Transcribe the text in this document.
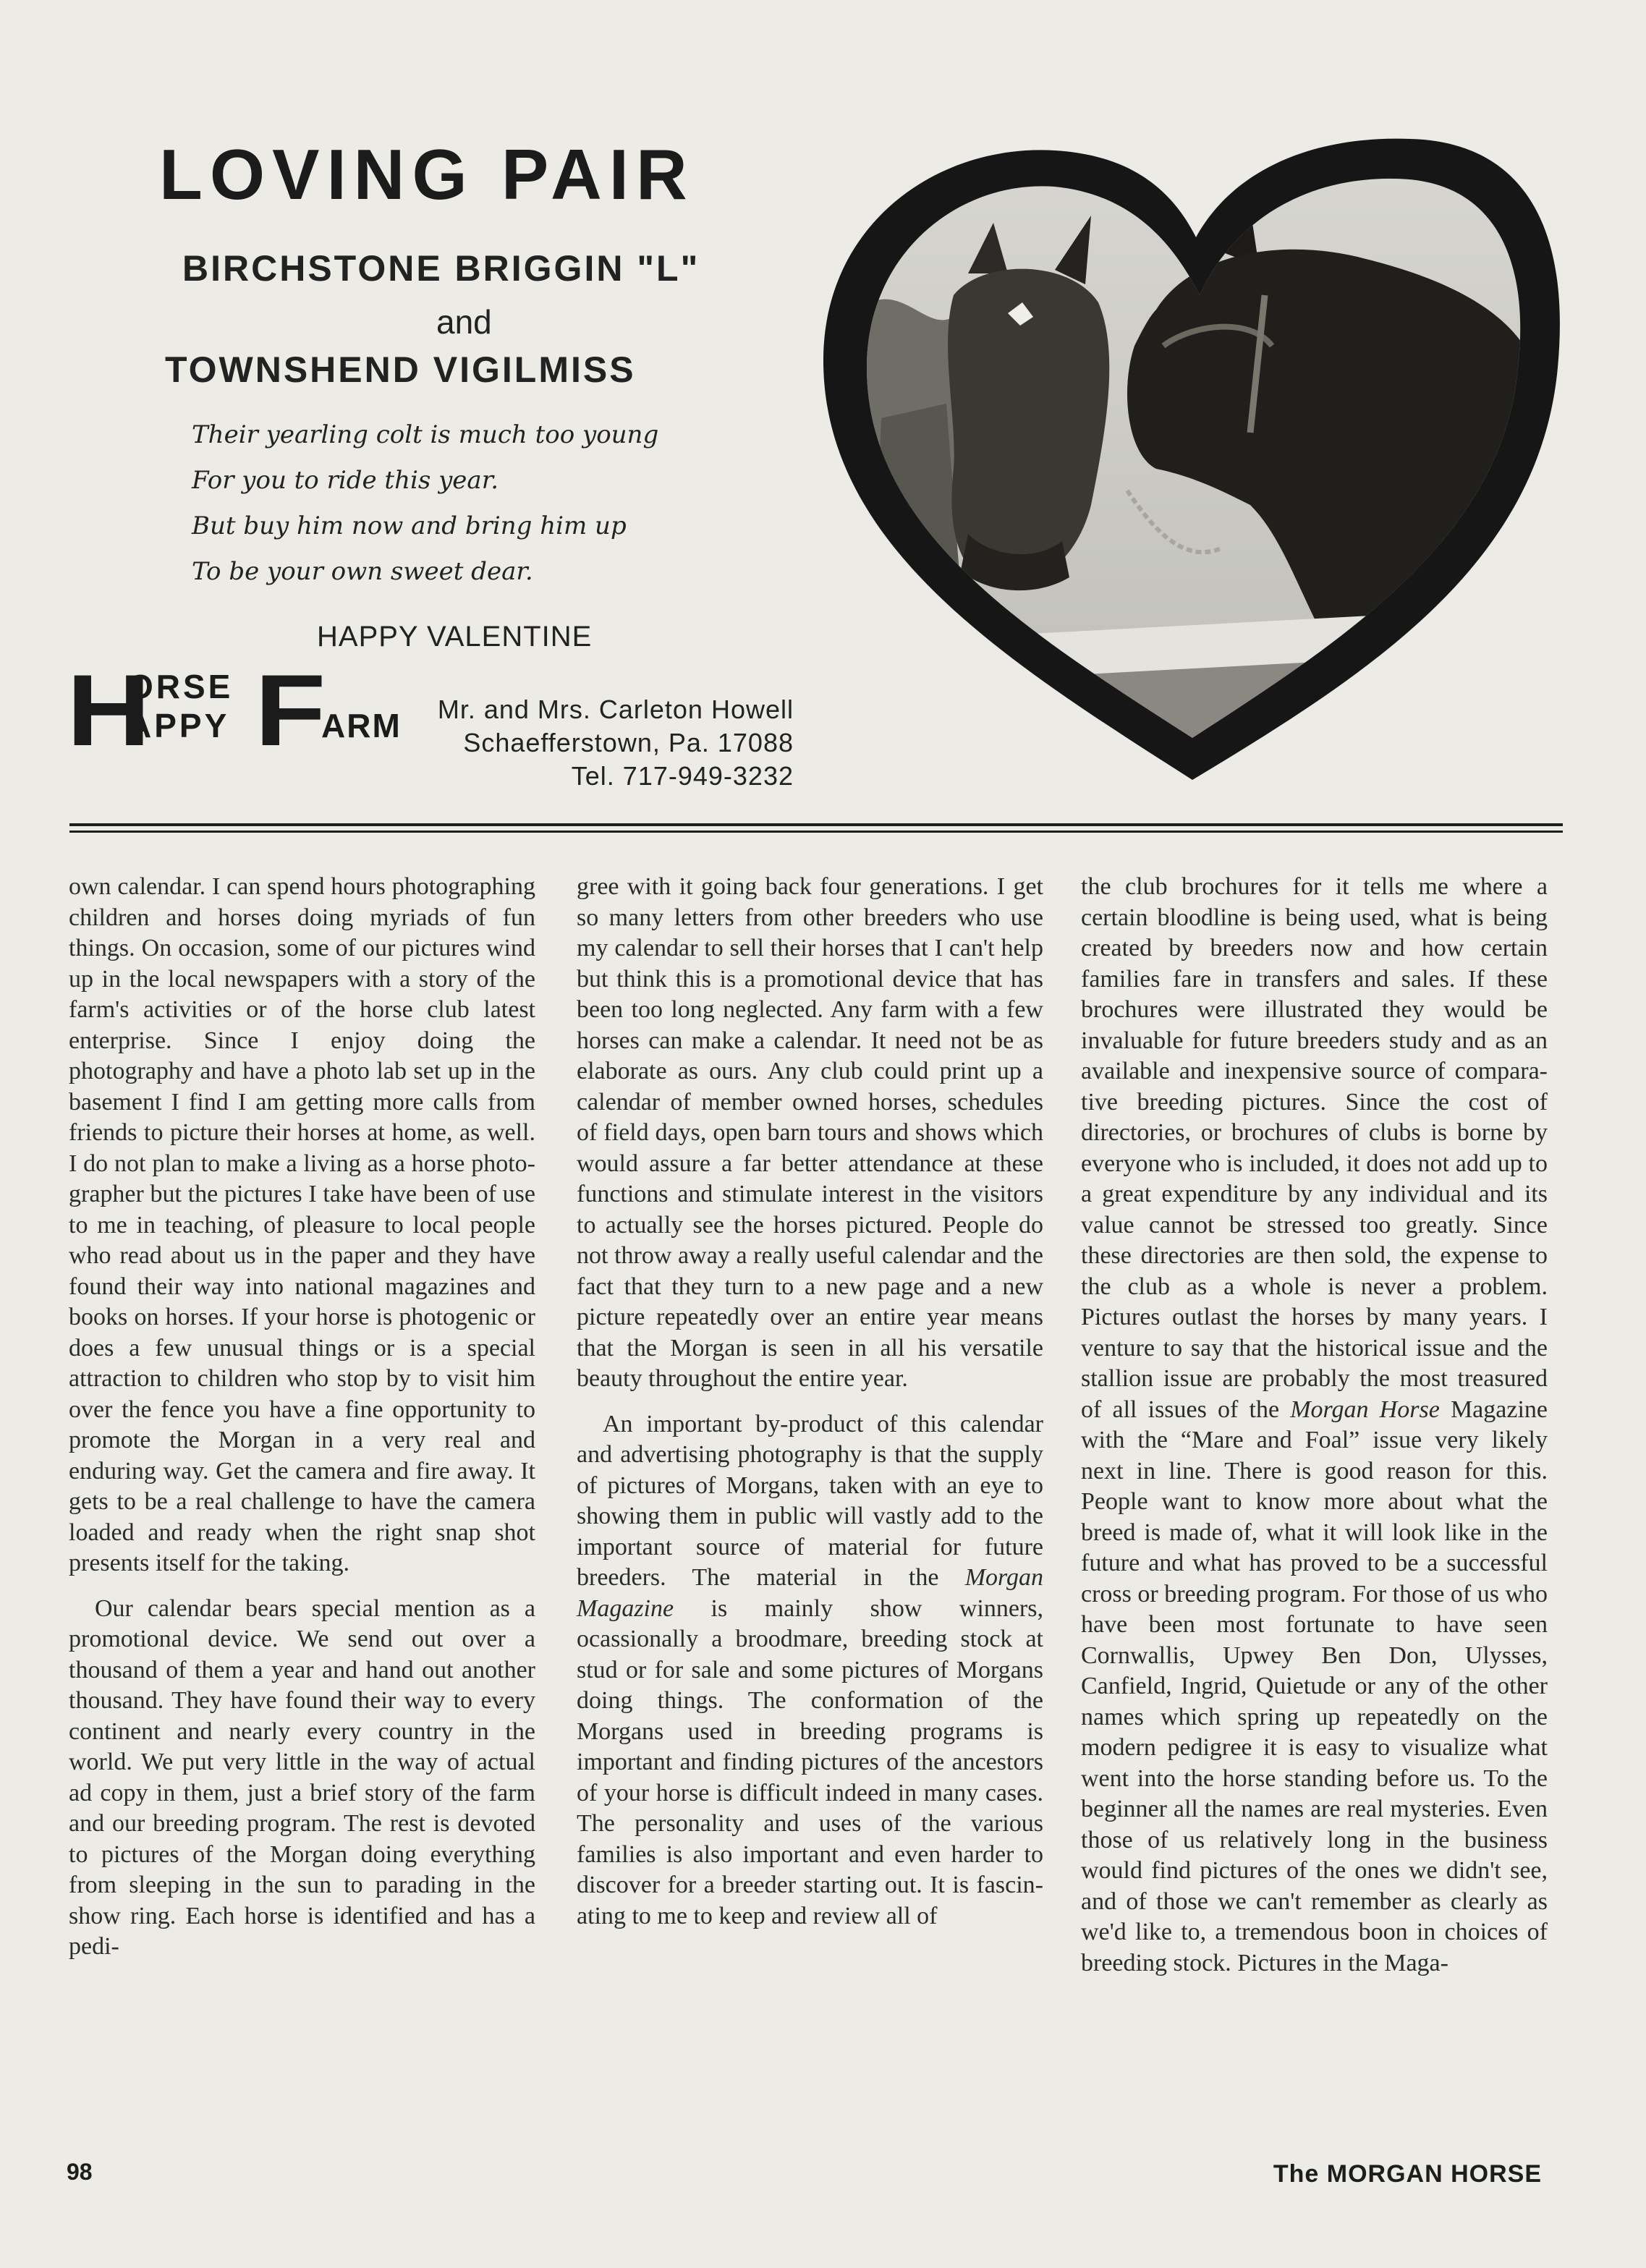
LOVING PAIR
BIRCHSTONE BRIGGIN "L"
and
TOWNSHEND VIGILMISS
Their yearling colt is much too young
For you to ride this year.
But buy him now and bring him up
To be your own sweet dear.
HAPPY VALENTINE
H
ORSE
APPY F
ARM Mr. and Mrs. Carleton Howell
Schaefferstown, Pa. 17088
Tel. 717-949-3232

own calendar. I can spend hours photographing children and horses doing myriads of fun things. On occasion, some of our pictures wind up in the local newspapers with a story of the farm's activities or of the horse club latest enterprise. Since I enjoy doing the photography and have a photo lab set up in the basement I find I am getting more calls from friends to picture their horses at home, as well. I do not plan to make a living as a horse photographer but the pictures I take have been of use to me in teaching, of pleasure to local people who read about us in the paper and they have found their way into national magazines and books on horses. If your horse is photogenic or does a few unusual things or is a special attraction to children who stop by to visit him over the fence you have a fine opportunity to promote the Morgan in a very real and enduring way. Get the camera and fire away. It gets to be a real challenge to have the camera loaded and ready when the right snap shot presents itself for the taking.

Our calendar bears special mention as a promotional device. We send out over a thousand of them a year and hand out another thousand. They have found their way to every continent and nearly every country in the world. We put very little in the way of actual ad copy in them, just a brief story of the farm and our breeding program. The rest is devoted to pictures of the Morgan doing everything from sleeping in the sun to parading in the show ring. Each horse is identified and has a pedi-

gree with it going back four generations. I get so many letters from other breeders who use my calendar to sell their horses that I can't help but think this is a promotional device that has been too long neglected. Any farm with a few horses can make a calendar. It need not be as elaborate as ours. Any club could print up a calendar of member owned horses, schedules of field days, open barn tours and shows which would assure a far better attendance at these functions and stimulate interest in the visitors to actually see the horses pictured. People do not throw away a really useful calendar and the fact that they turn to a new page and a new picture repeatedly over an entire year means that the Morgan is seen in all his versatile beauty throughout the entire year.

An important by-product of this calendar and advertising photography is that the supply of pictures of Morgans, taken with an eye to showing them in public will vastly add to the important source of material for future breeders. The material in the Morgan Magazine is mainly show winners, ocassionally a broodmare, breeding stock at stud or for sale and some pictures of Morgans doing things. The conformation of the Morgans used in breeding programs is important and finding pictures of the ancestors of your horse is difficult indeed in many cases. The personality and uses of the various families is also important and even harder to discover for a breeder starting out. It is fascinating to me to keep and review all of

the club brochures for it tells me where a certain bloodline is being used, what is being created by breeders now and how certain families fare in transfers and sales. If these brochures were illustrated they would be invaluable for future breeders study and as an available and inexpensive source of comparative breeding pictures. Since the cost of directories, or brochures of clubs is borne by everyone who is included, it does not add up to a great expenditure by any individual and its value cannot be stressed too greatly. Since these directories are then sold, the expense to the club as a whole is never a problem. Pictures outlast the horses by many years. I venture to say that the historical issue and the stallion issue are probably the most treasured of all issues of the Morgan Horse Magazine with the “Mare and Foal” issue very likely next in line. There is good reason for this. People want to know more about what the breed is made of, what it will look like in the future and what has proved to be a successful cross or breeding program. For those of us who have been most fortunate to have seen Cornwallis, Upwey Ben Don, Ulysses, Canfield, Ingrid, Quietude or any of the other names which spring up repeatedly on the modern pedigree it is easy to visualize what went into the horse standing before us. To the beginner all the names are real mysteries. Even those of us relatively long in the business would find pictures of the ones we didn't see, and of those we can't remember as clearly as we'd like to, a tremendous boon in choices of breeding stock. Pictures in the Maga-

98	The MORGAN HORSE
